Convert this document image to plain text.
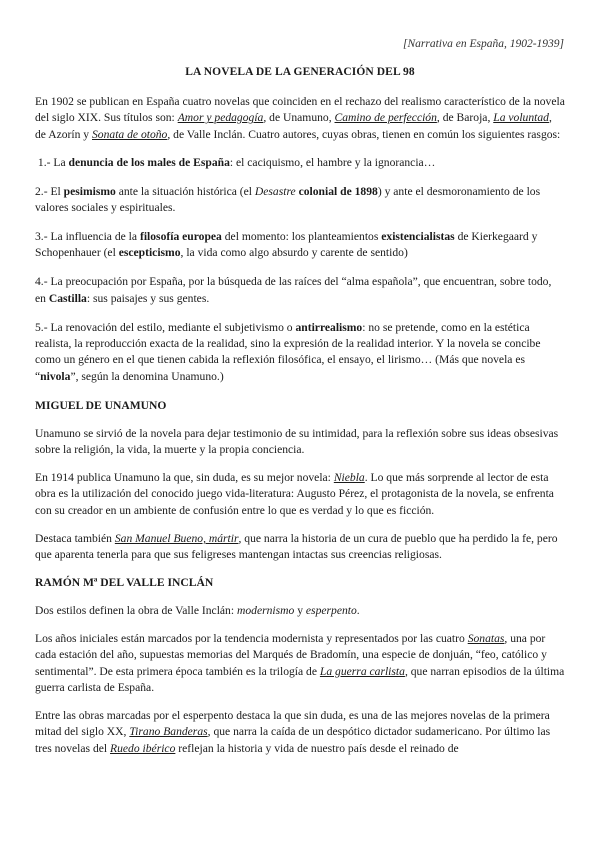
[Narrativa en España, 1902-1939]
LA NOVELA DE LA GENERACIÓN DEL 98

En 1902 se publican en España cuatro novelas que coinciden en el rechazo del realismo característico de la novela del siglo XIX. Sus títulos son: Amor y pedagogía, de Unamuno, Camino de perfección, de Baroja, La voluntad, de Azorín y Sonata de otoño, de Valle Inclán. Cuatro autores, cuyas obras, tienen en común los siguientes rasgos:

1.- La denuncia de los males de España: el caciquismo, el hambre y la ignorancia…

2.- El pesimismo ante la situación histórica (el Desastre colonial de 1898) y ante el desmoronamiento de los valores sociales y espirituales.

3.- La influencia de la filosofía europea del momento: los planteamientos existencialistas de Kierkegaard y Schopenhauer (el escepticismo, la vida como algo absurdo y carente de sentido)

4.- La preocupación por España, por la búsqueda de las raíces del “alma española”, que encuentran, sobre todo, en Castilla: sus paisajes y sus gentes.

5.- La renovación del estilo, mediante el subjetivismo o antirrealismo: no se pretende, como en la estética realista, la reproducción exacta de la realidad, sino la expresión de la realidad interior. Y la novela se concibe como un género en el que tienen cabida la reflexión filosófica, el ensayo, el lirismo… (Más que novela es “nivola”, según la denomina Unamuno.)

MIGUEL DE UNAMUNO

Unamuno se sirvió de la novela para dejar testimonio de su intimidad, para la reflexión sobre sus ideas obsesivas sobre la religión, la vida, la muerte y la propia conciencia.

En 1914 publica Unamuno la que, sin duda, es su mejor novela: Niebla. Lo que más sorprende al lector de esta obra es la utilización del conocido juego vida-literatura: Augusto Pérez, el protagonista de la novela, se enfrenta con su creador en un ambiente de confusión entre lo que es verdad y lo que es ficción.

Destaca también San Manuel Bueno, mártir, que narra la historia de un cura de pueblo que ha perdido la fe, pero que aparenta tenerla para que sus feligreses mantengan intactas sus creencias religiosas.

RAMÓN Mª DEL VALLE INCLÁN

Dos estilos definen la obra de Valle Inclán: modernismo y esperpento.

Los años iniciales están marcados por la tendencia modernista y representados por las cuatro Sonatas, una por cada estación del año, supuestas memorias del Marqués de Bradomín, una especie de donjuán, “feo, católico y sentimental”. De esta primera época también es la trilogía de La guerra carlista, que narran episodios de la última guerra carlista de España.

Entre las obras marcadas por el esperpento destaca la que sin duda, es una de las mejores novelas de la primera mitad del siglo XX, Tirano Banderas, que narra la caída de un despótico dictador sudamericano. Por último las tres novelas del Ruedo ibérico reflejan la historia y vida de nuestro país desde el reinado de
